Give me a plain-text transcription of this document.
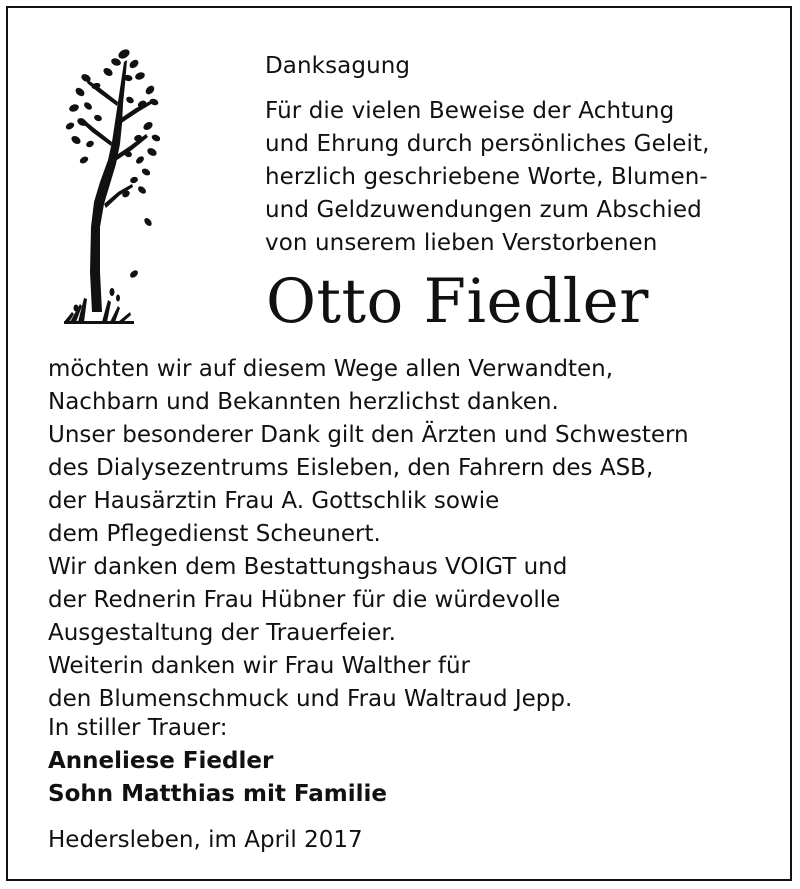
Danksagung
Für die vielen Beweise der Achtung
und Ehrung durch persönliches Geleit,
herzlich geschriebene Worte, Blumen-
und Geldzuwendungen zum Abschied
von unserem lieben Verstorbenen
Otto Fiedler
möchten wir auf diesem Wege allen Verwandten,
Nachbarn und Bekannten herzlichst danken.
Unser besonderer Dank gilt den Ärzten und Schwestern
des Dialysezentrums Eisleben, den Fahrern des ASB,
der Hausärztin Frau A. Gottschlik sowie
dem Pflegedienst Scheunert.
Wir danken dem Bestattungshaus VOIGT und
der Rednerin Frau Hübner für die würdevolle
Ausgestaltung der Trauerfeier.
Weiterin danken wir Frau Walther für
den Blumenschmuck und Frau Waltraud Jepp.
In stiller Trauer:
Anneliese Fiedler
Sohn Matthias mit Familie
Hedersleben, im April 2017
